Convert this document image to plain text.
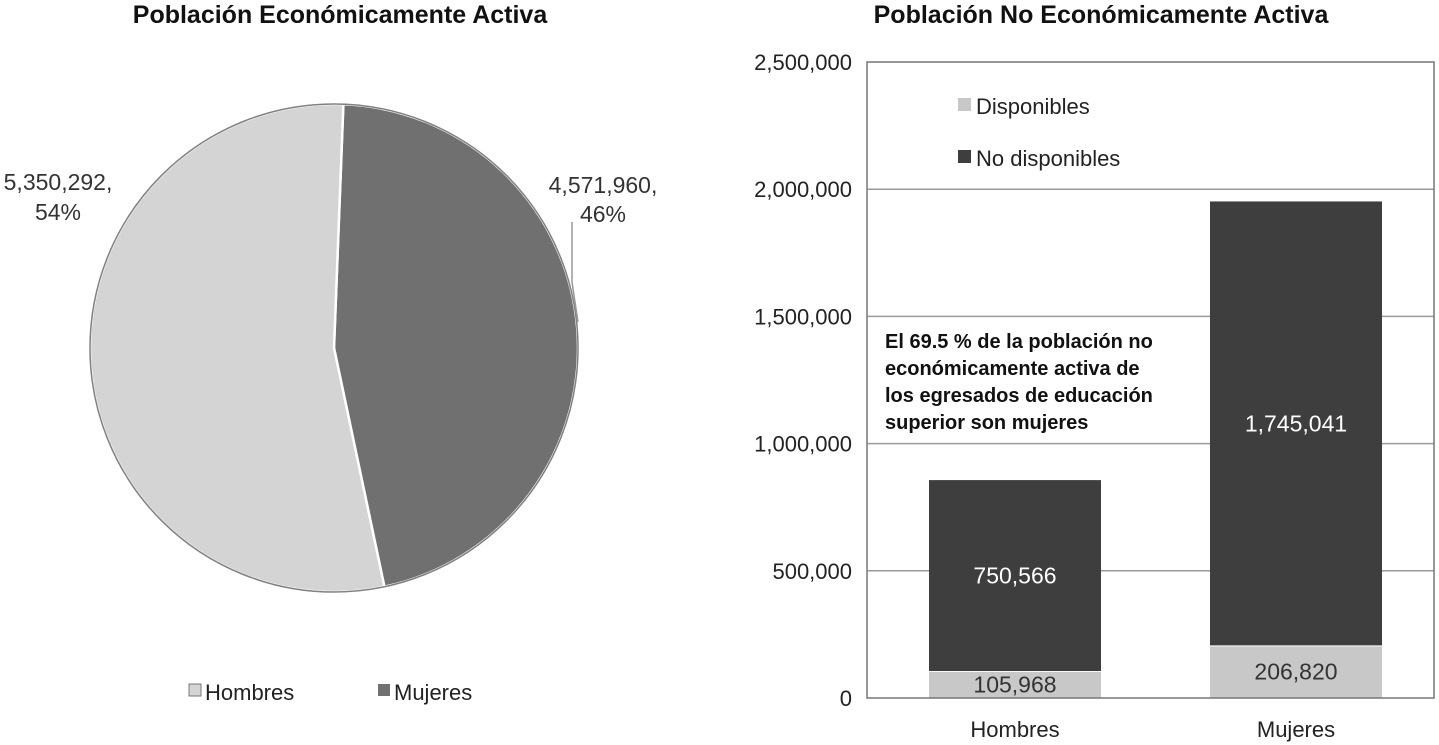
Población Económicamente Activa
5,350,292,
54%
4,571,960,
46%
Hombres	Mujeres
Población No Económicamente Activa
0
500,000
1,000,000
1,500,000
2,000,000
2,500,000
105,968
750,566
206,820
1,745,041
Disponibles
No disponibles
El 69.5 % de la población no
económicamente activa de
los egresados de educación
superior son mujeres
Hombres	Mujeres
